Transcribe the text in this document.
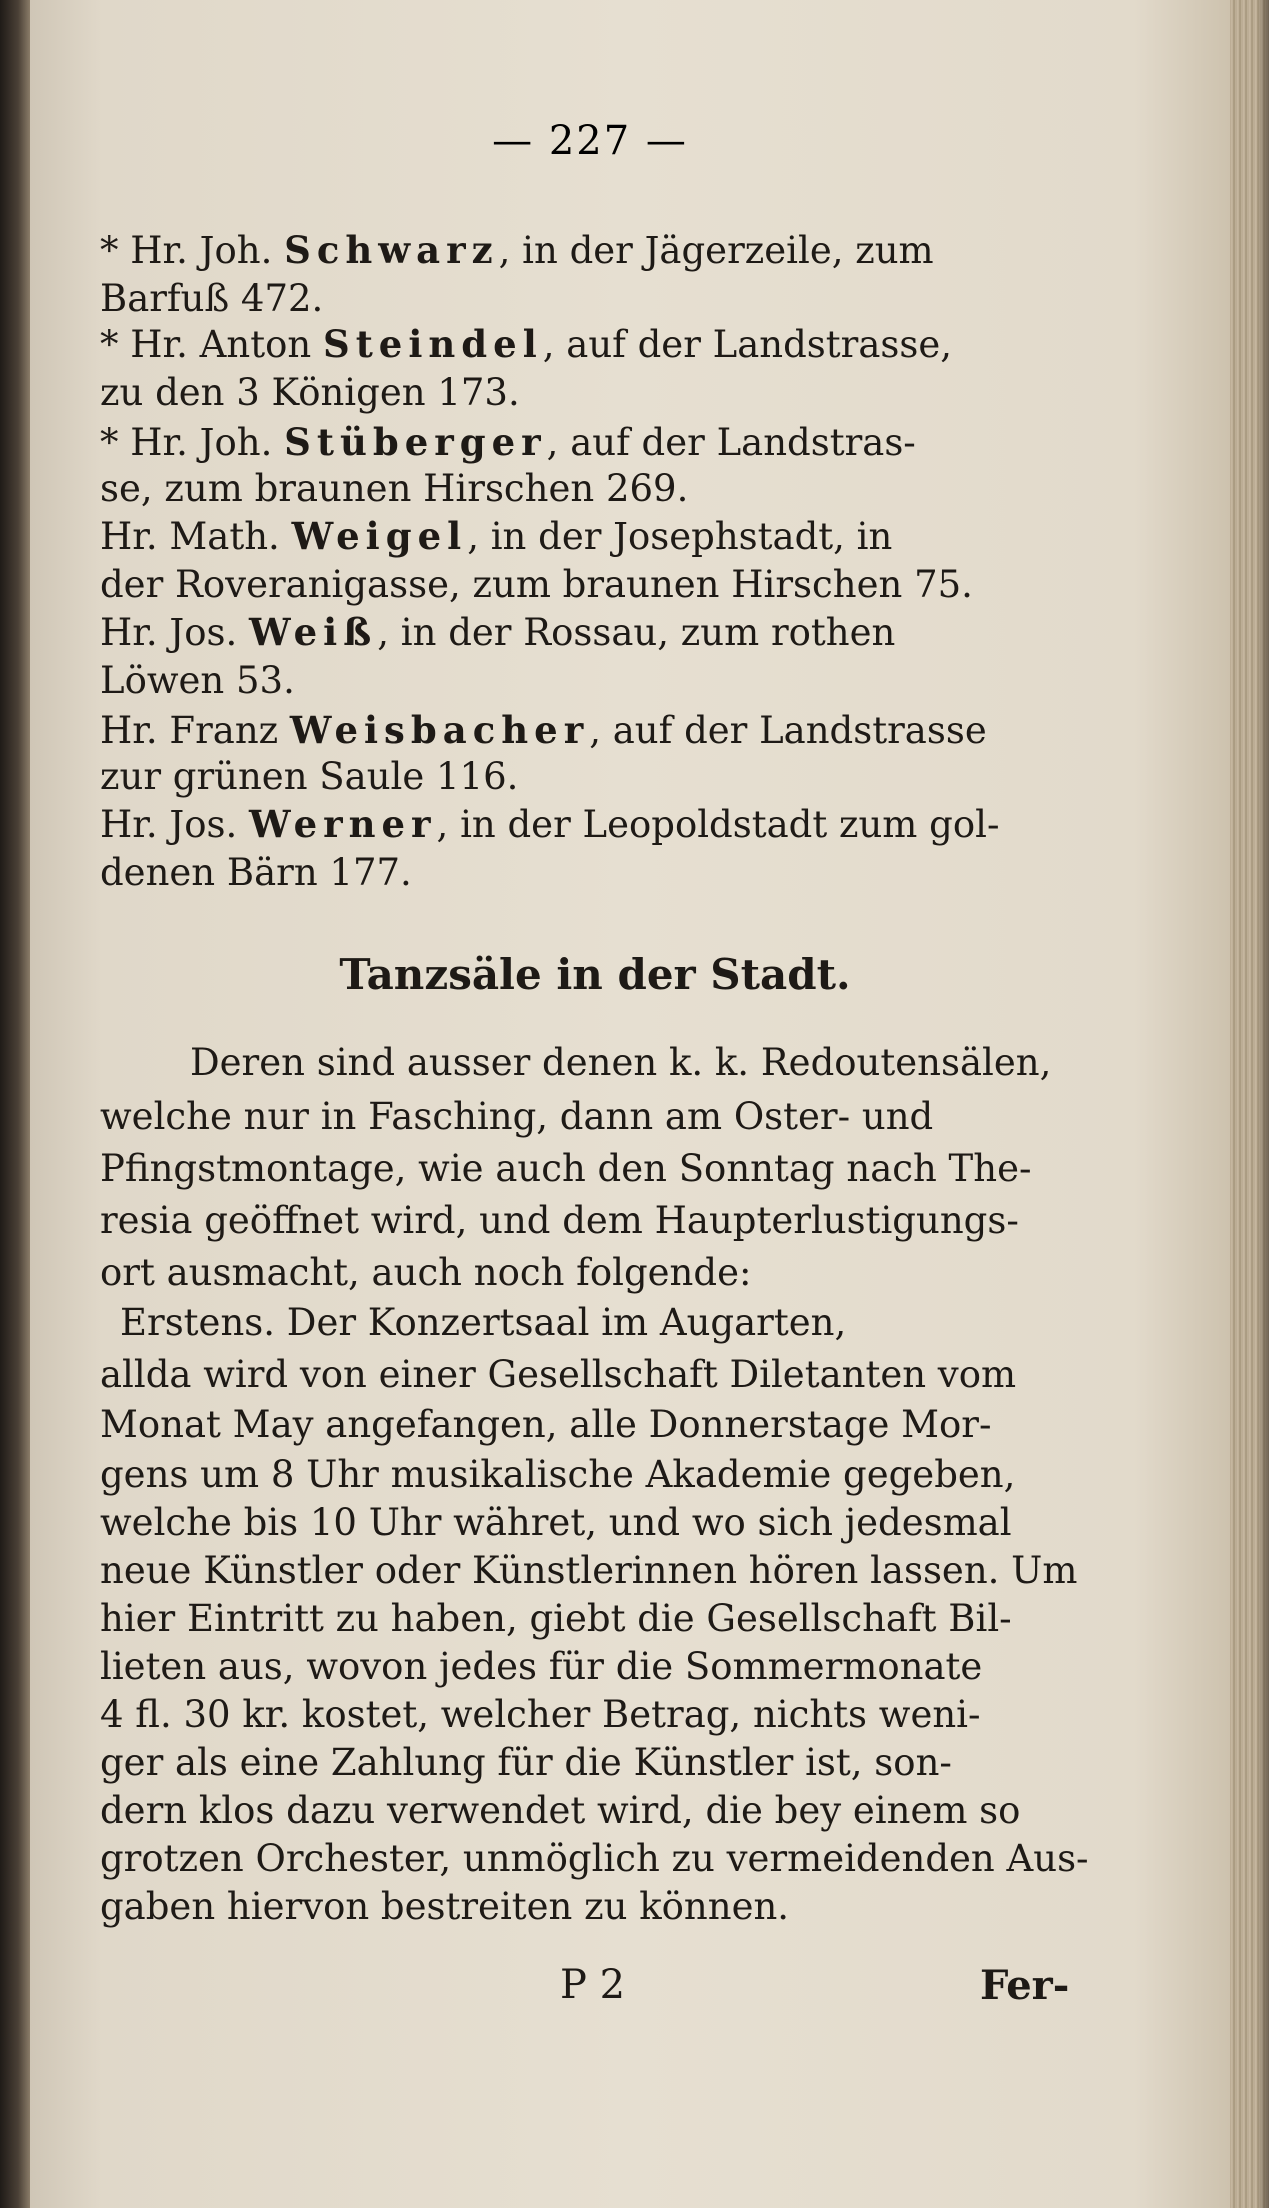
— 227 —
* Hr. Joh. Schwarz, in der Jägerzeile, zum
Barfuß 472.
* Hr. Anton Steindel, auf der Landstrasse,
zu den 3 Königen 173.
* Hr. Joh. Stüberger, auf der Landstras-
se, zum braunen Hirschen 269.
Hr. Math. Weigel, in der Josephstadt, in
der Roveranigasse, zum braunen Hirschen 75.
Hr. Jos. Weiß, in der Rossau, zum rothen
Löwen 53.
Hr. Franz Weisbacher, auf der Landstrasse
zur grünen Saule 116.
Hr. Jos. Werner, in der Leopoldstadt zum gol-
denen Bärn 177.
Tanzsäle in der Stadt.
Deren sind ausser denen k. k. Redoutensälen,
welche nur in Fasching, dann am Oster- und
Pfingstmontage, wie auch den Sonntag nach The-
resia geöffnet wird, und dem Haupterlustigungs-
ort ausmacht, auch noch folgende:
Erstens. Der Konzertsaal im Augarten,
allda wird von einer Gesellschaft Diletanten vom
Monat May angefangen, alle Donnerstage Mor-
gens um 8 Uhr musikalische Akademie gegeben,
welche bis 10 Uhr währet, und wo sich jedesmal
neue Künstler oder Künstlerinnen hören lassen. Um
hier Eintritt zu haben, giebt die Gesellschaft Bil-
lieten aus, wovon jedes für die Sommermonate
4 fl. 30 kr. kostet, welcher Betrag, nichts weni-
ger als eine Zahlung für die Künstler ist, son-
dern klos dazu verwendet wird, die bey einem so
grotzen Orchester, unmöglich zu vermeidenden Aus-
gaben hiervon bestreiten zu können.
P 2	Fer-
